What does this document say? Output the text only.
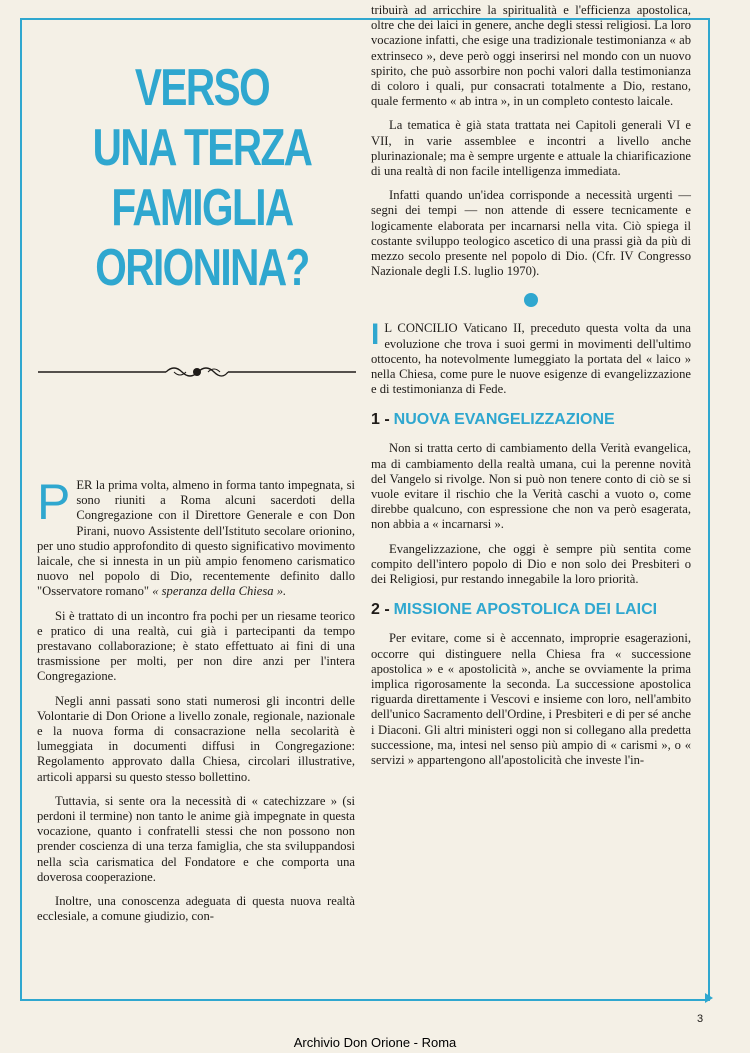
VERSO
UNA TERZA
FAMIGLIA
ORIONINA?

P ER la prima volta, almeno in forma tanto impegnata, si sono riuniti a Roma alcuni sacerdoti della Congregazione con il Direttore Generale e con Don Pirani, nuovo Assistente dell'Istituto secolare orionino, per uno studio approfondito di questo significativo movimento laicale, che si innesta in un più ampio fenomeno carismatico nuovo nel popolo di Dio, recentemente definito dallo "Osservatore romano" « speranza della Chiesa ».

Si è trattato di un incontro fra pochi per un riesame teorico e pratico di una realtà, cui già i partecipanti da tempo prestavano collaborazione; è stato effettuato ai fini di una trasmissione per molti, per non dire anzi per l'intera Congregazione.

Negli anni passati sono stati numerosi gli incontri delle Volontarie di Don Orione a livello zonale, regionale, nazionale e la nuova forma di consacrazione nella secolarità è lumeggiata in documenti diffusi in Congregazione: Regolamento approvato dalla Chiesa, circolari illustrative, articoli apparsi su questo stesso bollettino.

Tuttavia, si sente ora la necessità di « catechizzare » (si perdoni il termine) non tanto le anime già impegnate in questa vocazione, quanto i confratelli stessi che non possono non prender coscienza di una terza famiglia, che sta sviluppandosi nella scìa carismatica del Fondatore e che comporta una doverosa cooperazione.

Inoltre, una conoscenza adeguata di questa nuova realtà ecclesiale, a comune giudizio, con-

tribuirà ad arricchire la spiritualità e l'efficienza apostolica, oltre che dei laici in genere, anche degli stessi religiosi. La loro vocazione infatti, che esige una tradizionale testimonianza « ab extrinseco », deve però oggi inserirsi nel mondo con un nuovo spirito, che può assorbire non pochi valori dalla testimonianza di coloro i quali, pur consacrati totalmente a Dio, restano, quale fermento « ab intra », in un completo contesto laicale.

La tematica è già stata trattata nei Capitoli generali VI e VII, in varie assemblee e incontri a livello anche plurinazionale; ma è sempre urgente e attuale la chiarificazione di una realtà di non facile intelligenza immediata.

Infatti quando un'idea corrisponde a necessità urgenti — segni dei tempi — non attende di essere tecnicamente e logicamente elaborata per incarnarsi nella vita. Ciò spiega il costante sviluppo teologico ascetico di una prassi già da più di mezzo secolo presente nel popolo di Dio. (Cfr. IV Congresso Nazionale degli I.S. luglio 1970).

I L CONCILIO Vaticano II, preceduto questa volta da una evoluzione che trova i suoi germi in movimenti dell'ultimo ottocento, ha notevolmente lumeggiato la portata del « laico » nella Chiesa, come pure le nuove esigenze di evangelizzazione e di testimonianza di Fede.

1 - NUOVA EVANGELIZZAZIONE

Non si tratta certo di cambiamento della Verità evangelica, ma di cambiamento della realtà umana, cui la perenne novità del Vangelo si rivolge. Non si può non tenere conto di ciò se si vuole evitare il rischio che la Verità caschi a vuoto o, come direbbe qualcuno, con espressione che non va però esagerata, non abbia a « incarnarsi ».

Evangelizzazione, che oggi è sempre più sentita come compito dell'intero popolo di Dio e non solo dei Presbiteri o dei Religiosi, pur restando innegabile la loro priorità.

2 - MISSIONE APOSTOLICA DEI LAICI

Per evitare, come si è accennato, improprie esagerazioni, occorre qui distinguere nella Chiesa fra « successione apostolica » e « apostolicità », anche se ovviamente la prima implica rigorosamente la seconda. La successione apostolica riguarda direttamente i Vescovi e insieme con loro, nell'ambito dell'unico Sacramento dell'Ordine, i Presbiteri e di per sé anche i Diaconi. Gli altri ministeri oggi non si collegano alla predetta successione, ma, intesi nel senso più ampio di « carismi », o « servizi » appartengono all'apostolicità che investe l'in-

3
Archivio Don Orione - Roma
